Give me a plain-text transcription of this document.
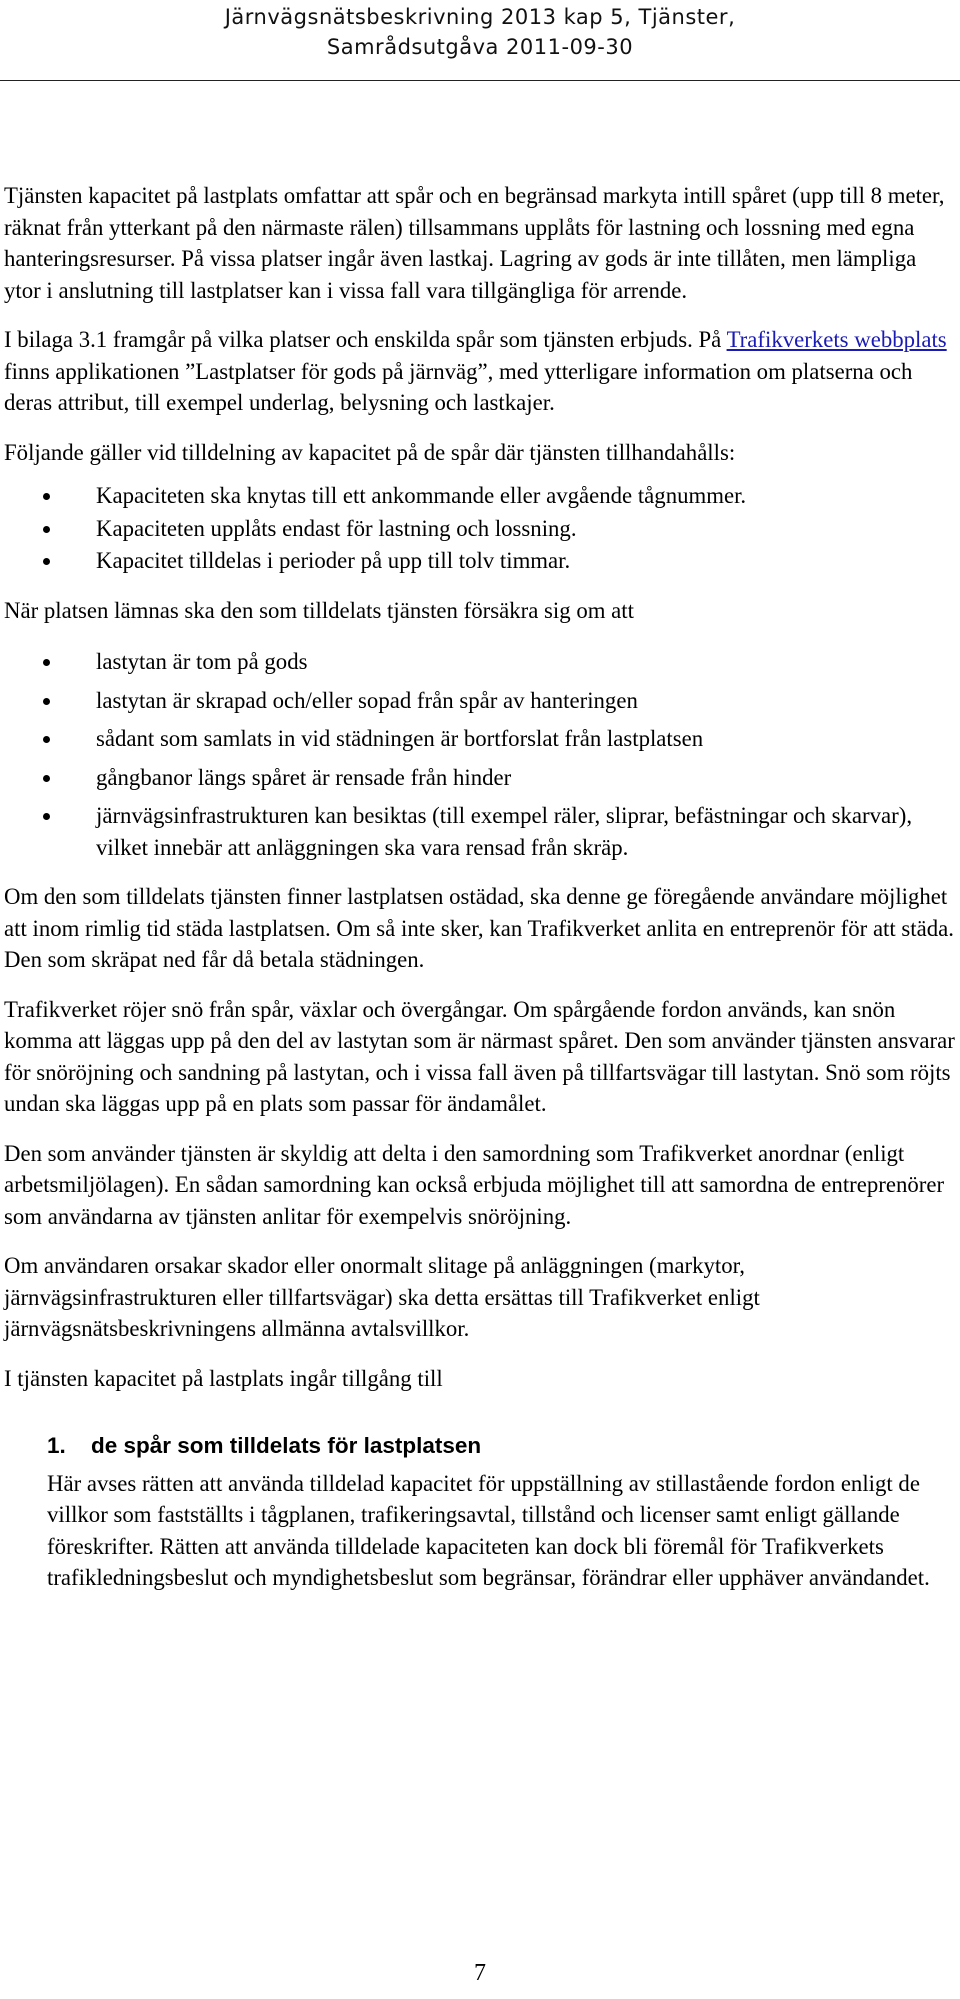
Järnvägsnätsbeskrivning 2013 kap 5, Tjänster,
Samrådsutgåva 2011-09-30

Tjänsten kapacitet på lastplats omfattar att spår och en begränsad markyta intill spåret (upp till 8 meter, räknat från ytterkant på den närmaste rälen) tillsammans upplåts för lastning och lossning med egna hanteringsresurser. På vissa platser ingår även lastkaj. Lagring av gods är inte tillåten, men lämpliga ytor i anslutning till lastplatser kan i vissa fall vara tillgängliga för arrende.

I bilaga 3.1 framgår på vilka platser och enskilda spår som tjänsten erbjuds. På Trafikverkets webbplats finns applikationen ”Lastplatser för gods på järnväg”, med ytterligare information om platserna och deras attribut, till exempel underlag, belysning och lastkajer.

Följande gäller vid tilldelning av kapacitet på de spår där tjänsten tillhandahålls:

Kapaciteten ska knytas till ett ankommande eller avgående tågnummer.
Kapaciteten upplåts endast för lastning och lossning.
Kapacitet tilldelas i perioder på upp till tolv timmar.

När platsen lämnas ska den som tilldelats tjänsten försäkra sig om att

lastytan är tom på gods
lastytan är skrapad och/eller sopad från spår av hanteringen
sådant som samlats in vid städningen är bortforslat från lastplatsen
gångbanor längs spåret är rensade från hinder
järnvägsinfrastrukturen kan besiktas (till exempel räler, sliprar, befästningar och skarvar), vilket innebär att anläggningen ska vara rensad från skräp.

Om den som tilldelats tjänsten finner lastplatsen ostädad, ska denne ge föregående användare möjlighet att inom rimlig tid städa lastplatsen. Om så inte sker, kan Trafikverket anlita en entreprenör för att städa. Den som skräpat ned får då betala städningen.

Trafikverket röjer snö från spår, växlar och övergångar. Om spårgående fordon används, kan snön komma att läggas upp på den del av lastytan som är närmast spåret. Den som använder tjänsten ansvarar för snöröjning och sandning på lastytan, och i vissa fall även på tillfartsvägar till lastytan. Snö som röjts undan ska läggas upp på en plats som passar för ändamålet.

Den som använder tjänsten är skyldig att delta i den samordning som Trafikverket anordnar (enligt arbetsmiljölagen). En sådan samordning kan också erbjuda möjlighet till att samordna de entreprenörer som användarna av tjänsten anlitar för exempelvis snöröjning.

Om användaren orsakar skador eller onormalt slitage på anläggningen (markytor, järnvägsinfrastrukturen eller tillfartsvägar) ska detta ersättas till Trafikverket enligt järnvägsnätsbeskrivningens allmänna avtalsvillkor.

I tjänsten kapacitet på lastplats ingår tillgång till

1.	de spår som tilldelats för lastplatsen

Här avses rätten att använda tilldelad kapacitet för uppställning av stillastående fordon enligt de villkor som fastställts i tågplanen, trafikeringsavtal, tillstånd och licenser samt enligt gällande föreskrifter. Rätten att använda tilldelade kapaciteten kan dock bli föremål för Trafikverkets trafikledningsbeslut och myndighetsbeslut som begränsar, förändrar eller upphäver användandet.

7
